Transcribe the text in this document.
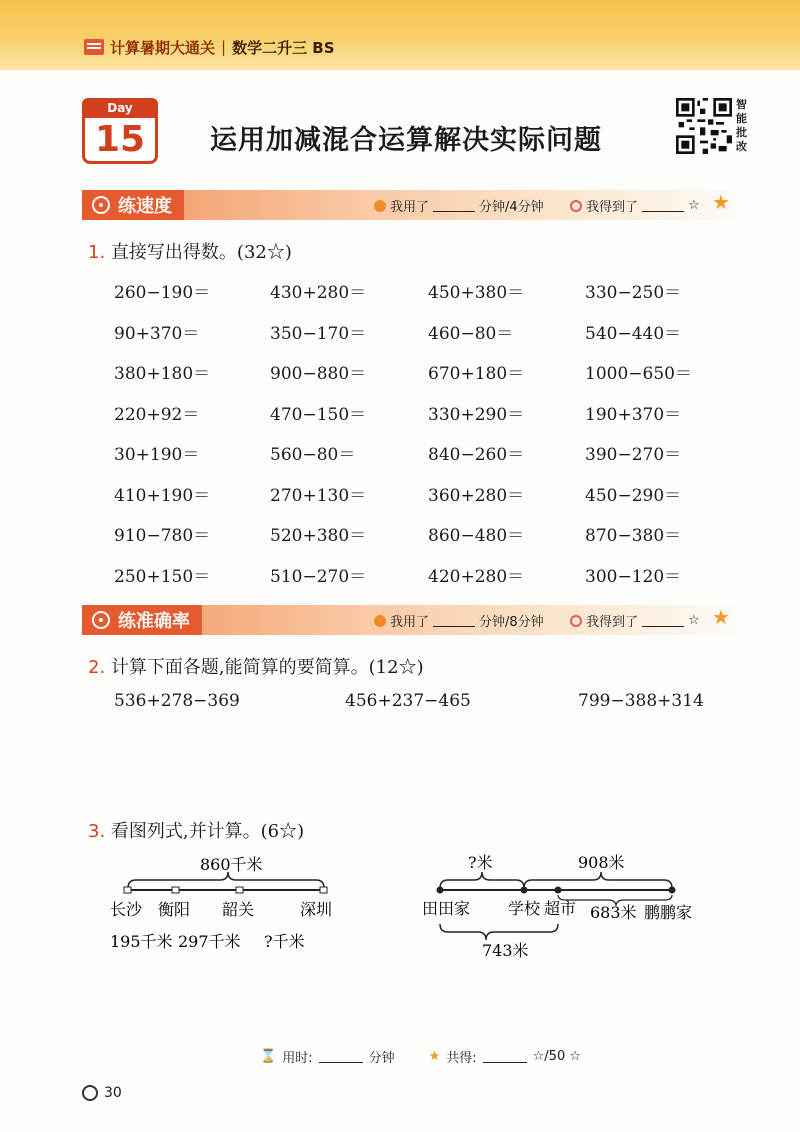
计算暑期大通关 | 数学二升三 BS
Day
15	运用加减混合运算解决实际问题
智能批改
练速度	我用了	分钟/4分钟	我得到了	☆ ★
1. 直接写出得数。(32☆)
260−190＝	430+280＝	450+380＝	330−250＝
90+370＝	350−170＝	460−80＝	540−440＝
380+180＝	900−880＝	670+180＝	1000−650＝
220+92＝	470−150＝	330+290＝	190+370＝
30+190＝	560−80＝	840−260＝	390−270＝
410+190＝	270+130＝	360+280＝	450−290＝
910−780＝	520+380＝	860−480＝	870−380＝
250+150＝	510−270＝	420+280＝	300−120＝
练准确率	我用了	分钟/8分钟	我得到了	☆ ★
2. 计算下面各题,能简算的要简算。(12☆)
536+278−369	456+237−465	799−388+314
3. 看图列式,并计算。(6☆)
860千米
长沙 衡阳 韶关	深圳
195千米 297千米 ?千米
?米	908米
田田家 学校 超市 683米 鹏鹏家
743米
⌛ 用时:	分钟	★ 共得:	☆/50 ☆
30
